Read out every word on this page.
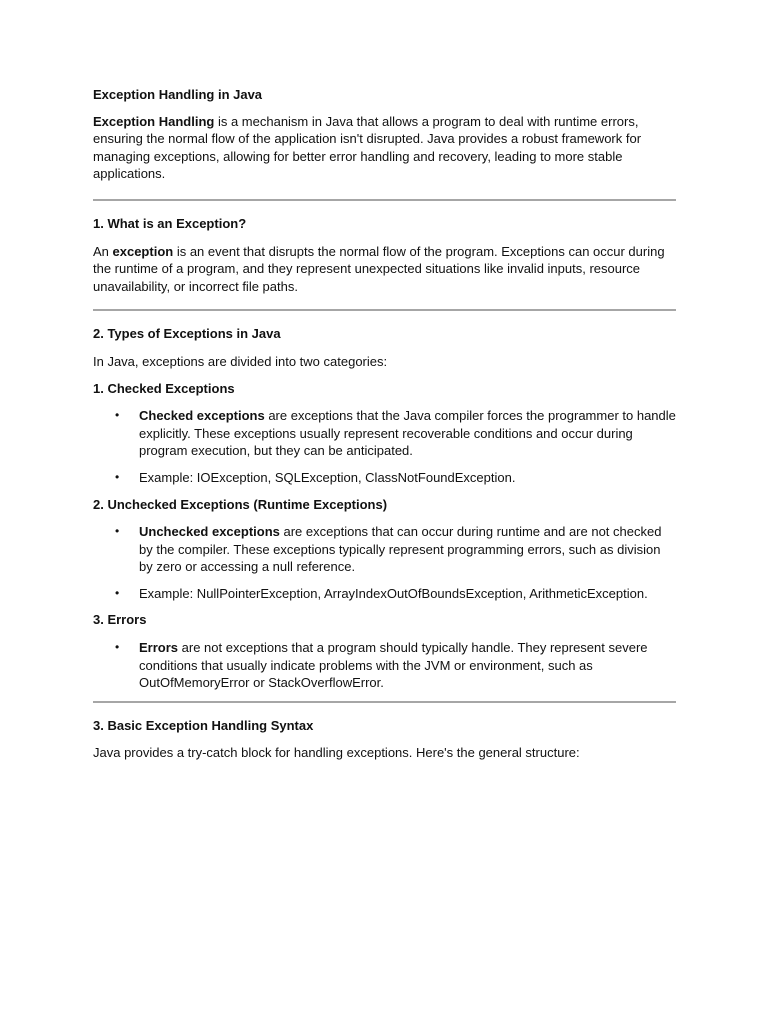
Exception Handling in Java

Exception Handling is a mechanism in Java that allows a program to deal with runtime errors, ensuring the normal flow of the application isn't disrupted. Java provides a robust framework for managing exceptions, allowing for better error handling and recovery, leading to more stable applications.

1. What is an Exception?

An exception is an event that disrupts the normal flow of the program. Exceptions can occur during the runtime of a program, and they represent unexpected situations like invalid inputs, resource unavailability, or incorrect file paths.

2. Types of Exceptions in Java

In Java, exceptions are divided into two categories:

1. Checked Exceptions

• Checked exceptions are exceptions that the Java compiler forces the programmer to handle explicitly. These exceptions usually represent recoverable conditions and occur during program execution, but they can be anticipated.
• Example: IOException, SQLException, ClassNotFoundException.

2. Unchecked Exceptions (Runtime Exceptions)

• Unchecked exceptions are exceptions that can occur during runtime and are not checked by the compiler. These exceptions typically represent programming errors, such as division by zero or accessing a null reference.
• Example: NullPointerException, ArrayIndexOutOfBoundsException, ArithmeticException.

3. Errors

• Errors are not exceptions that a program should typically handle. They represent severe conditions that usually indicate problems with the JVM or environment, such as OutOfMemoryError or StackOverflowError.

3. Basic Exception Handling Syntax

Java provides a try-catch block for handling exceptions. Here's the general structure:
